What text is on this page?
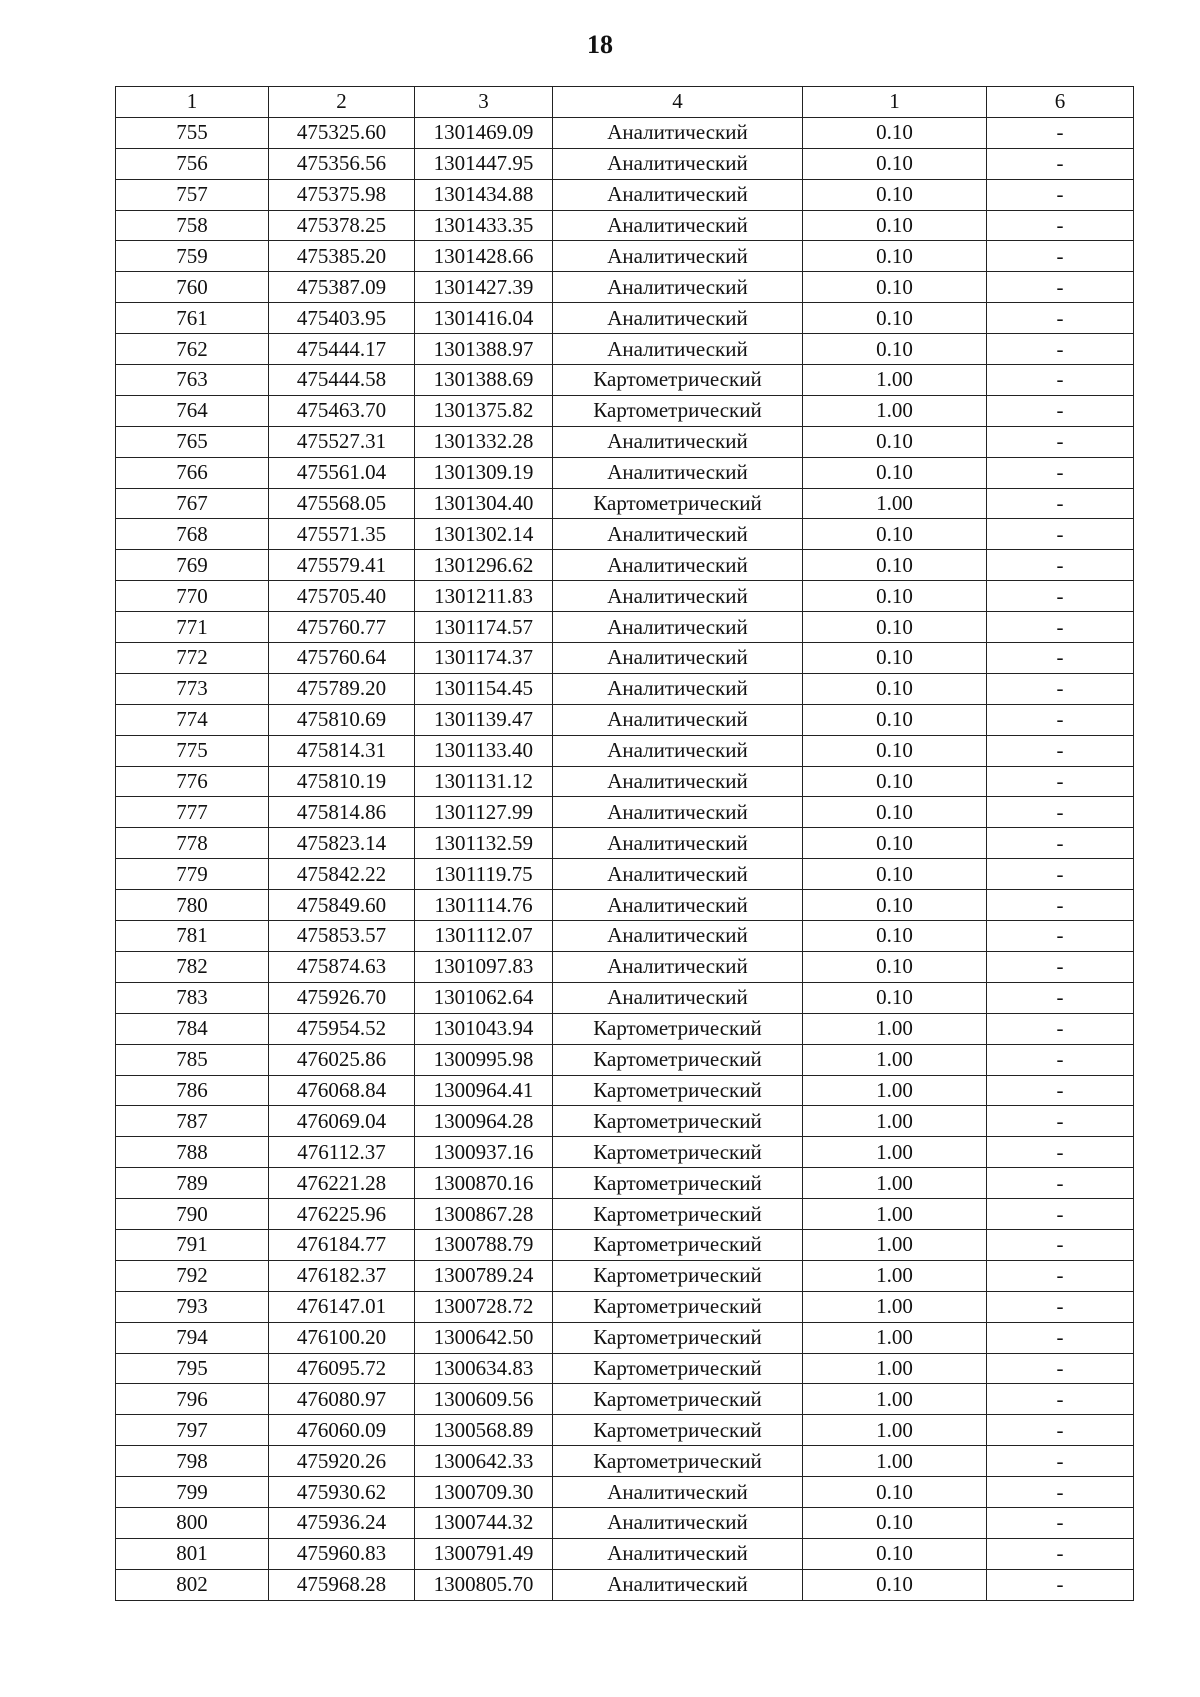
18
1	2	3	4	1	6
755	475325.60	1301469.09	Аналитический	0.10	-
756	475356.56	1301447.95	Аналитический	0.10	-
757	475375.98	1301434.88	Аналитический	0.10	-
758	475378.25	1301433.35	Аналитический	0.10	-
759	475385.20	1301428.66	Аналитический	0.10	-
760	475387.09	1301427.39	Аналитический	0.10	-
761	475403.95	1301416.04	Аналитический	0.10	-
762	475444.17	1301388.97	Аналитический	0.10	-
763	475444.58	1301388.69	Картометрический	1.00	-
764	475463.70	1301375.82	Картометрический	1.00	-
765	475527.31	1301332.28	Аналитический	0.10	-
766	475561.04	1301309.19	Аналитический	0.10	-
767	475568.05	1301304.40	Картометрический	1.00	-
768	475571.35	1301302.14	Аналитический	0.10	-
769	475579.41	1301296.62	Аналитический	0.10	-
770	475705.40	1301211.83	Аналитический	0.10	-
771	475760.77	1301174.57	Аналитический	0.10	-
772	475760.64	1301174.37	Аналитический	0.10	-
773	475789.20	1301154.45	Аналитический	0.10	-
774	475810.69	1301139.47	Аналитический	0.10	-
775	475814.31	1301133.40	Аналитический	0.10	-
776	475810.19	1301131.12	Аналитический	0.10	-
777	475814.86	1301127.99	Аналитический	0.10	-
778	475823.14	1301132.59	Аналитический	0.10	-
779	475842.22	1301119.75	Аналитический	0.10	-
780	475849.60	1301114.76	Аналитический	0.10	-
781	475853.57	1301112.07	Аналитический	0.10	-
782	475874.63	1301097.83	Аналитический	0.10	-
783	475926.70	1301062.64	Аналитический	0.10	-
784	475954.52	1301043.94	Картометрический	1.00	-
785	476025.86	1300995.98	Картометрический	1.00	-
786	476068.84	1300964.41	Картометрический	1.00	-
787	476069.04	1300964.28	Картометрический	1.00	-
788	476112.37	1300937.16	Картометрический	1.00	-
789	476221.28	1300870.16	Картометрический	1.00	-
790	476225.96	1300867.28	Картометрический	1.00	-
791	476184.77	1300788.79	Картометрический	1.00	-
792	476182.37	1300789.24	Картометрический	1.00	-
793	476147.01	1300728.72	Картометрический	1.00	-
794	476100.20	1300642.50	Картометрический	1.00	-
795	476095.72	1300634.83	Картометрический	1.00	-
796	476080.97	1300609.56	Картометрический	1.00	-
797	476060.09	1300568.89	Картометрический	1.00	-
798	475920.26	1300642.33	Картометрический	1.00	-
799	475930.62	1300709.30	Аналитический	0.10	-
800	475936.24	1300744.32	Аналитический	0.10	-
801	475960.83	1300791.49	Аналитический	0.10	-
802	475968.28	1300805.70	Аналитический	0.10	-
